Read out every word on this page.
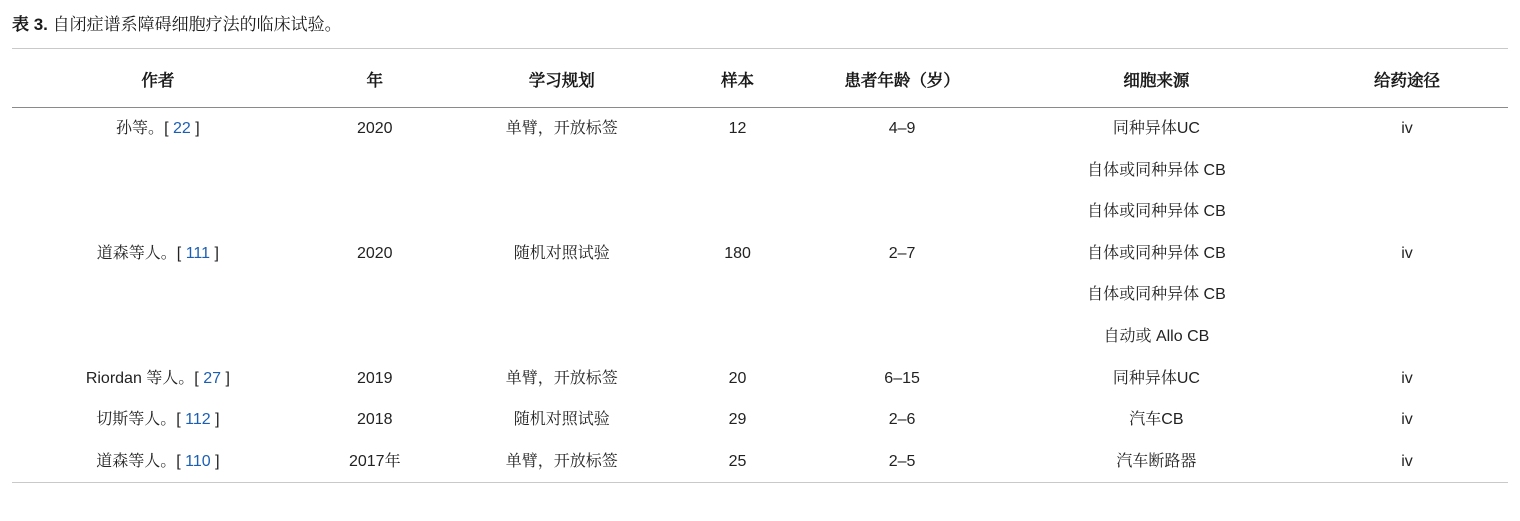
表 3. 自闭症谱系障碍细胞疗法的临床试验。
作者	年	学习规划	样本	患者年龄（岁）	细胞来源	给药途径
孙等。[ 22 ]	2020	单臂，开放标签	12	4–9	同种异体UC	iv
					自体或同种异体 CB	
					自体或同种异体 CB	
道森等人。[ 111 ]	2020	随机对照试验	180	2–7	自体或同种异体 CB	iv
					自体或同种异体 CB	
					自动或 Allo CB	
Riordan 等人。[ 27 ]	2019	单臂，开放标签	20	6–15	同种异体UC	iv
切斯等人。[ 112 ]	2018	随机对照试验	29	2–6	汽车CB	iv
道森等人。[ 110 ]	2017年	单臂，开放标签	25	2–5	汽车断路器	iv
